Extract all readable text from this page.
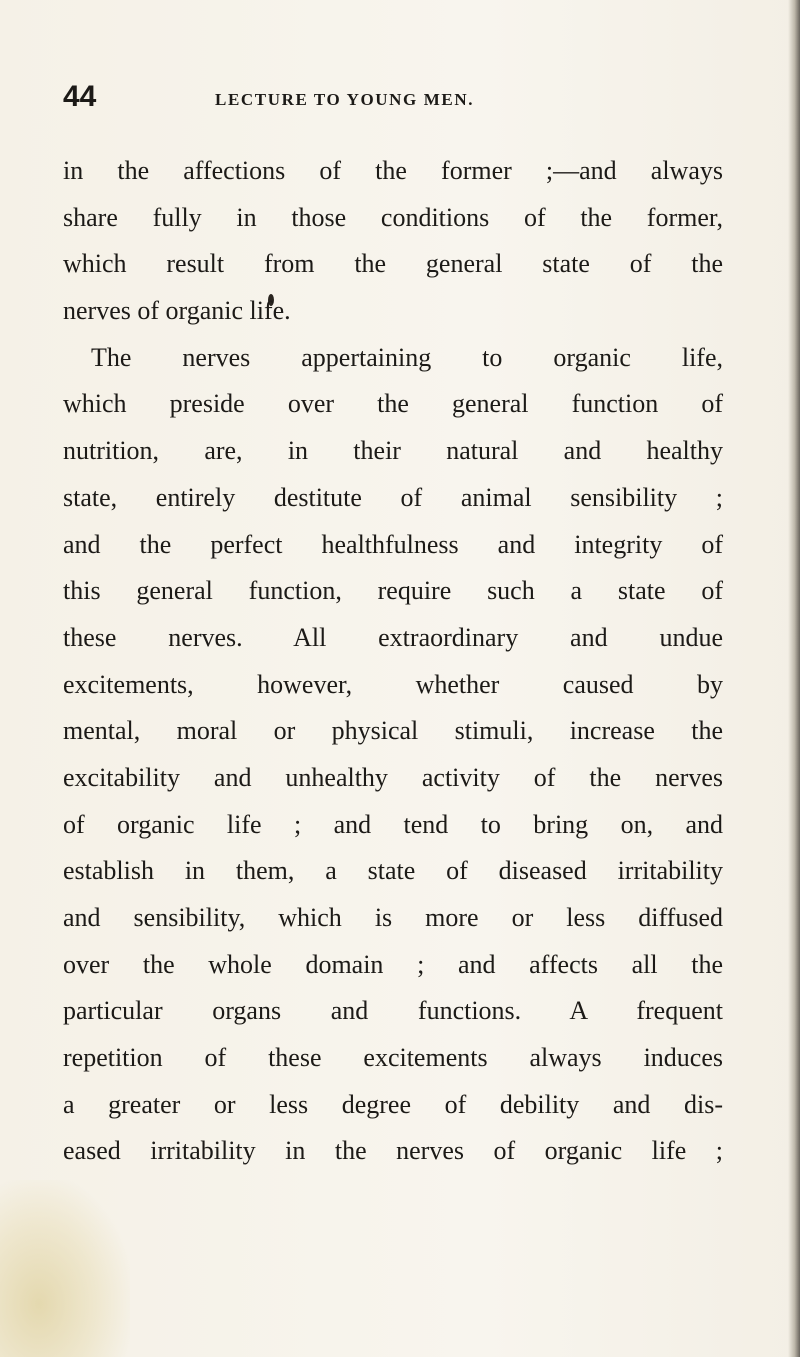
44	LECTURE TO YOUNG MEN.
in the affections of the former ;—and always
share fully in those conditions of the former,
which result from the general state of the
nerves of organic life.
The nerves appertaining to organic life,
which preside over the general function of
nutrition, are, in their natural and healthy
state, entirely destitute of animal sensibility ;
and the perfect healthfulness and integrity of
this general function, require such a state of
these nerves. All extraordinary and undue
excitements, however, whether caused by
mental, moral or physical stimuli, increase the
excitability and unhealthy activity of the nerves
of organic life ; and tend to bring on, and
establish in them, a state of diseased irritability
and sensibility, which is more or less diffused
over the whole domain ; and affects all the
particular organs and functions. A frequent
repetition of these excitements always induces
a greater or less degree of debility and dis-
eased irritability in the nerves of organic life ;
